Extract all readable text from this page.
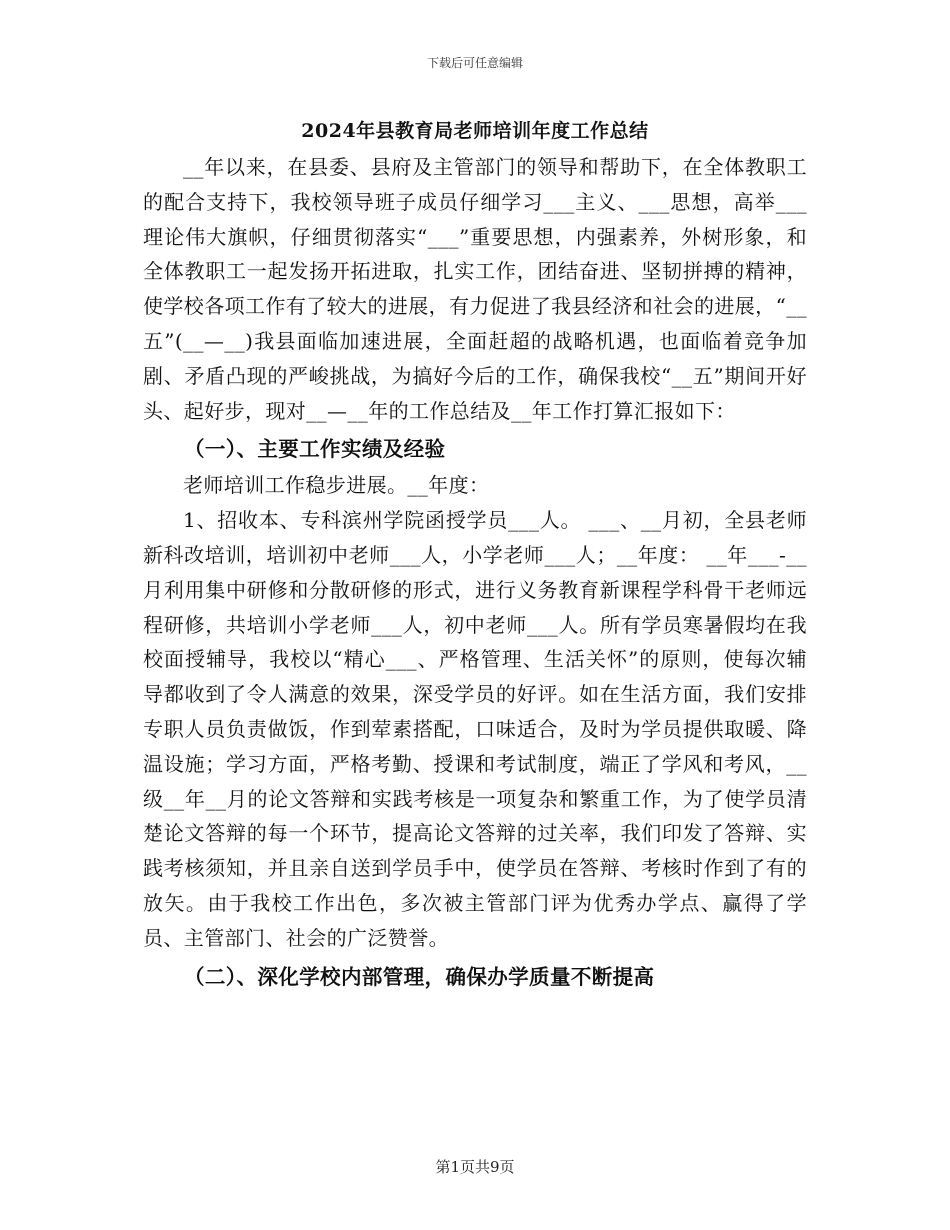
下载后可任意编辑
2024年县教育局老师培训年度工作总结

__年以来，在县委、县府及主管部门的领导和帮助下，在全体教职工的配合支持下，我校领导班子成员仔细学习___主义、___思想，高举___理论伟大旗帜，仔细贯彻落实“___”重要思想，内强素养，外树形象，和全体教职工一起发扬开拓进取，扎实工作，团结奋进、坚韧拼搏的精神，使学校各项工作有了较大的进展，有力促进了我县经济和社会的进展，“__五”(__—__)我县面临加速进展，全面赶超的战略机遇，也面临着竞争加剧、矛盾凸现的严峻挑战，为搞好今后的工作，确保我校“__五”期间开好头、起好步，现对__—__年的工作总结及__年工作打算汇报如下：

（一）、主要工作实绩及经验

老师培训工作稳步进展。__年度：

1、招收本、专科滨州学院函授学员___人。 ___、__月初，全县老师新科改培训，培训初中老师___人，小学老师___人；__年度： __年___-__月利用集中研修和分散研修的形式，进行义务教育新课程学科骨干老师远程研修，共培训小学老师___人，初中老师___人。所有学员寒暑假均在我校面授辅导，我校以“精心___、严格管理、生活关怀”的原则，使每次辅导都收到了令人满意的效果，深受学员的好评。如在生活方面，我们安排专职人员负责做饭，作到荤素搭配，口味适合，及时为学员提供取暖、降温设施；学习方面，严格考勤、授课和考试制度，端正了学风和考风，__级__年__月的论文答辩和实践考核是一项复杂和繁重工作，为了使学员清楚论文答辩的每一个环节，提高论文答辩的过关率，我们印发了答辩、实践考核须知，并且亲自送到学员手中，使学员在答辩、考核时作到了有的放矢。由于我校工作出色，多次被主管部门评为优秀办学点、赢得了学员、主管部门、社会的广泛赞誉。

（二）、深化学校内部管理，确保办学质量不断提高

第1页共9页
